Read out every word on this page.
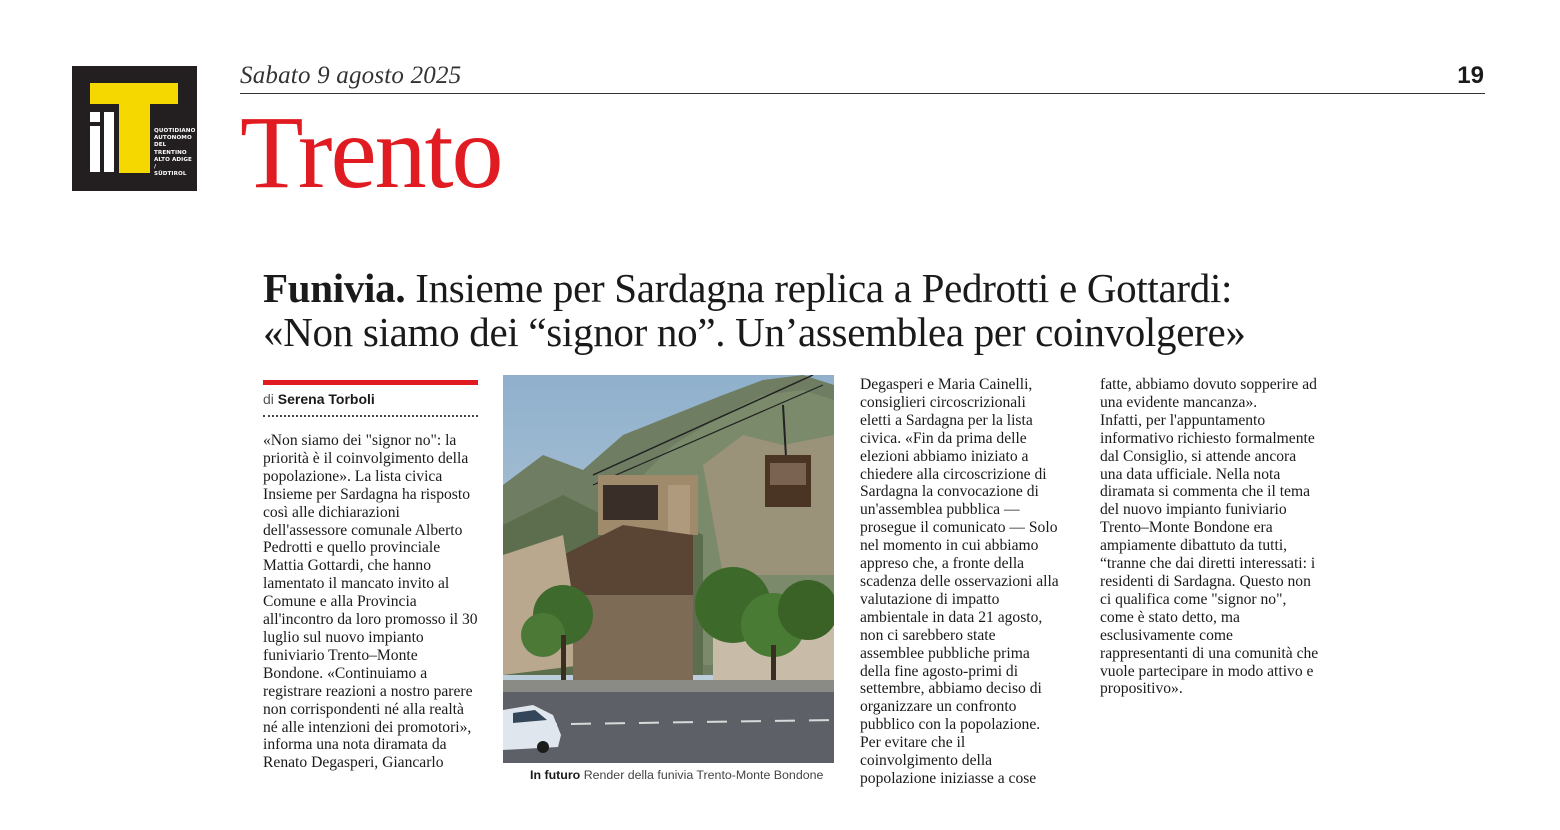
QUOTIDIANO
AUTONOMO
DEL TRENTINO
ALTO ADIGE /
SÜDTIROL
Sabato 9 agosto 2025	19
Trento
Funivia. Insieme per Sardagna replica a Pedrotti e Gottardi:
«Non siamo dei “signor no”. Un’assemblea per coinvolgere»
di Serena Torboli

«Non siamo dei "signor no": la priorità è il coinvolgimento della popolazione». La lista civica Insieme per Sardagna ha risposto così alle dichiarazioni dell'assessore comunale Alberto Pedrotti e quello provinciale Mattia Gottardi, che hanno lamentato il mancato invito al Comune e alla Provincia all'incontro da loro promosso il 30 luglio sul nuovo impianto funiviario Trento–Monte Bondone. «Continuiamo a registrare reazioni a nostro parere non corrispondenti né alla realtà né alle intenzioni dei promotori», informa una nota diramata da Renato Degasperi, Giancarlo

In futuro Render della funivia Trento-Monte Bondone

Degasperi e Maria Cainelli, consiglieri circoscrizionali eletti a Sardagna per la lista civica. «Fin da prima delle elezioni abbiamo iniziato a chiedere alla circoscrizione di Sardagna la convocazione di un'assemblea pubblica — prosegue il comunicato — Solo nel momento in cui abbiamo appreso che, a fronte della scadenza delle osservazioni alla valutazione di impatto ambientale in data 21 agosto, non ci sarebbero state assemblee pubbliche prima della fine agosto-primi di settembre, abbiamo deciso di organizzare un confronto pubblico con la popolazione. Per evitare che il coinvolgimento della popolazione iniziasse a cose

fatte, abbiamo dovuto sopperire ad una evidente mancanza».

Infatti, per l'appuntamento informativo richiesto formalmente dal Consiglio, si attende ancora una data ufficiale. Nella nota diramata si commenta che il tema del nuovo impianto funiviario Trento–Monte Bondone era ampiamente dibattuto da tutti, “tranne che dai diretti interessati: i residenti di Sardagna. Questo non ci qualifica come "signor no", come è stato detto, ma esclusivamente come rappresentanti di una comunità che vuole partecipare in modo attivo e propositivo».
